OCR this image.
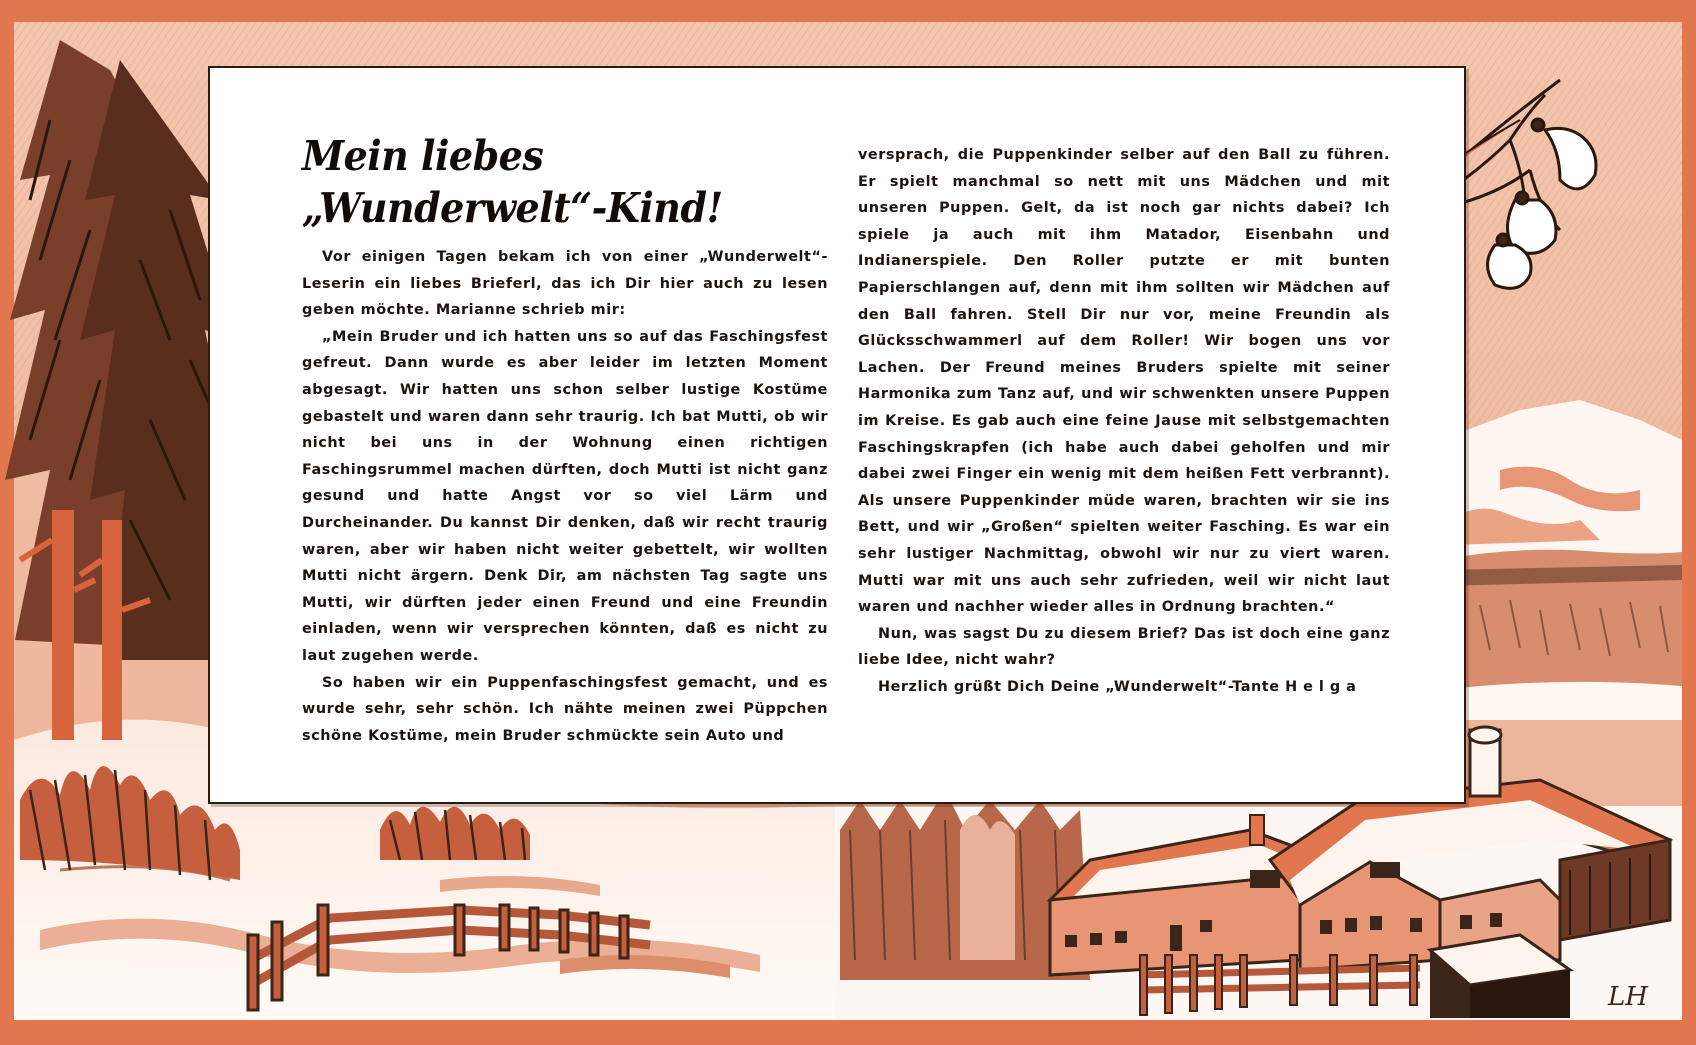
LH
Mein liebes „Wunderwelt“-Kind!

Vor einigen Tagen bekam ich von einer „Wunderwelt“-Leserin ein liebes Brieferl, das ich Dir hier auch zu lesen geben möchte. Marianne schrieb mir:

„Mein Bruder und ich hatten uns so auf das Faschingsfest gefreut. Dann wurde es aber leider im letzten Moment abgesagt. Wir hatten uns schon selber lustige Kostüme gebastelt und waren dann sehr traurig. Ich bat Mutti, ob wir nicht bei uns in der Wohnung einen richtigen Faschingsrummel machen dürften, doch Mutti ist nicht ganz gesund und hatte Angst vor so viel Lärm und Durcheinander. Du kannst Dir denken, daß wir recht traurig waren, aber wir haben nicht weiter gebettelt, wir wollten Mutti nicht ärgern. Denk Dir, am nächsten Tag sagte uns Mutti, wir dürften jeder einen Freund und eine Freundin einladen, wenn wir versprechen könnten, daß es nicht zu laut zugehen werde.

So haben wir ein Puppenfaschingsfest gemacht, und es wurde sehr, sehr schön. Ich nähte meinen zwei Püppchen schöne Kostüme, mein Bruder schmückte sein Auto und

versprach, die Puppenkinder selber auf den Ball zu führen. Er spielt manchmal so nett mit uns Mädchen und mit unseren Puppen. Gelt, da ist noch gar nichts dabei? Ich spiele ja auch mit ihm Matador, Eisenbahn und Indianerspiele. Den Roller putzte er mit bunten Papierschlangen auf, denn mit ihm sollten wir Mädchen auf den Ball fahren. Stell Dir nur vor, meine Freundin als Glücksschwammerl auf dem Roller! Wir bogen uns vor Lachen. Der Freund meines Bruders spielte mit seiner Harmonika zum Tanz auf, und wir schwenkten unsere Puppen im Kreise. Es gab auch eine feine Jause mit selbstgemachten Faschingskrapfen (ich habe auch dabei geholfen und mir dabei zwei Finger ein wenig mit dem heißen Fett verbrannt). Als unsere Puppenkinder müde waren, brachten wir sie ins Bett, und wir „Großen“ spielten weiter Fasching. Es war ein sehr lustiger Nachmittag, obwohl wir nur zu viert waren. Mutti war mit uns auch sehr zufrieden, weil wir nicht laut waren und nachher wieder alles in Ordnung brachten.“

Nun, was sagst Du zu diesem Brief? Das ist doch eine ganz liebe Idee, nicht wahr?

Herzlich grüßt Dich Deine „Wunderwelt“-Tante Helga
